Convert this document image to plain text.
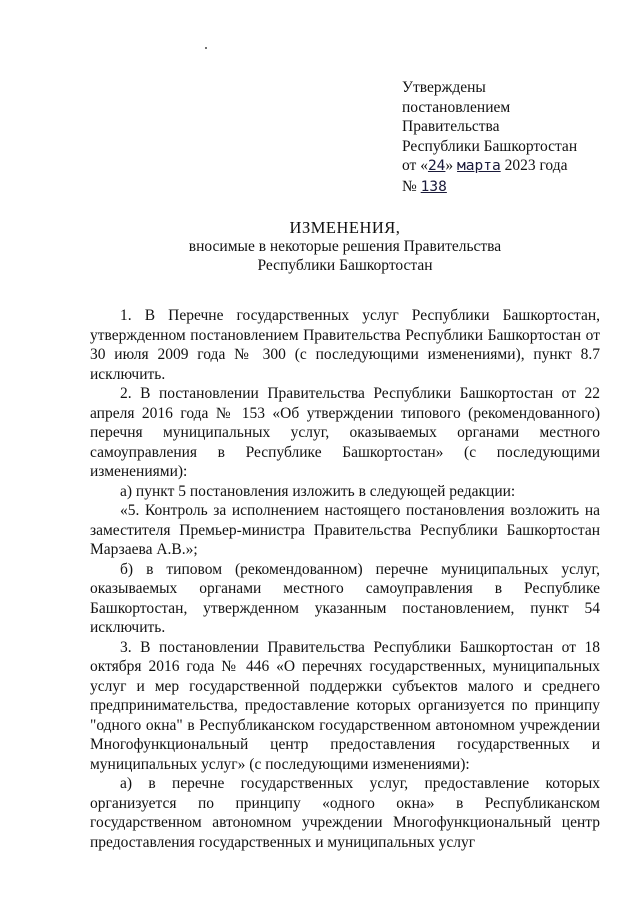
Утверждены
постановлением
Правительства
Республики Башкортостан
от «24» марта 2023 года
№ 138
ИЗМЕНЕНИЯ,
вносимые в некоторые решения Правительства
Республики Башкортостан

1. В Перечне государственных услуг Республики Башкортостан, утвержденном постановлением Правительства Республики Башкортостан от 30 июля 2009 года № 300 (с последующими изменениями), пункт 8.7 исключить.

2. В постановлении Правительства Республики Башкортостан от 22 апреля 2016 года № 153 «Об утверждении типового (рекомендованного) перечня муниципальных услуг, оказываемых органами местного самоуправления в Республике Башкортостан» (с последующими изменениями):

а) пункт 5 постановления изложить в следующей редакции:

«5. Контроль за исполнением настоящего постановления возложить на заместителя Премьер-министра Правительства Республики Башкортостан Марзаева А.В.»;

б) в типовом (рекомендованном) перечне муниципальных услуг, оказываемых органами местного самоуправления в Республике Башкортостан, утвержденном указанным постановлением, пункт 54 исключить.

3. В постановлении Правительства Республики Башкортостан от 18 октября 2016 года № 446 «О перечнях государственных, муниципальных услуг и мер государственной поддержки субъектов малого и среднего предпринимательства, предоставление которых организуется по принципу "одного окна" в Республиканском государственном автономном учреждении Многофункциональный центр предоставления государственных и муниципальных услуг» (с последующими изменениями):

а) в перечне государственных услуг, предоставление которых организуется по принципу «одного окна» в Республиканском государственном автономном учреждении Многофункциональный центр предоставления государственных и муниципальных услуг
